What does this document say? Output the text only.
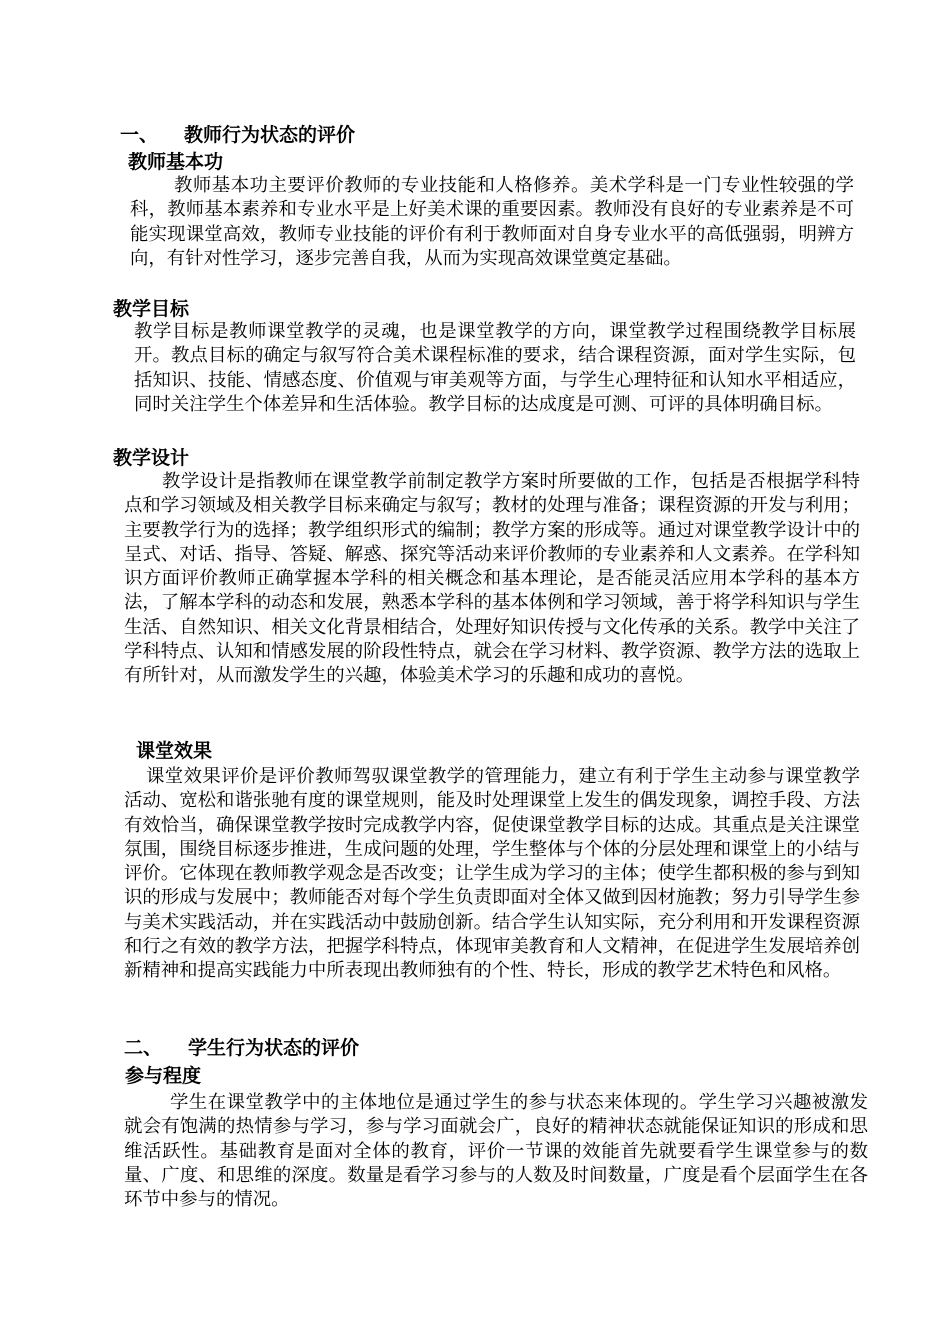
一、 教师行为状态的评价
教师基本功

教师基本功主要评价教师的专业技能和人格修养。美术学科是一门专业性较强的学科，教师基本素养和专业水平是上好美术课的重要因素。教师没有良好的专业素养是不可能实现课堂高效，教师专业技能的评价有利于教师面对自身专业水平的高低强弱，明辨方向，有针对性学习，逐步完善自我，从而为实现高效课堂奠定基础。

教学目标

教学目标是教师课堂教学的灵魂，也是课堂教学的方向，课堂教学过程围绕教学目标展开。教点目标的确定与叙写符合美术课程标准的要求，结合课程资源，面对学生实际，包括知识、技能、情感态度、价值观与审美观等方面，与学生心理特征和认知水平相适应，同时关注学生个体差异和生活体验。教学目标的达成度是可测、可评的具体明确目标。

教学设计

教学设计是指教师在课堂教学前制定教学方案时所要做的工作，包括是否根据学科特点和学习领域及相关教学目标来确定与叙写；教材的处理与准备；课程资源的开发与利用；主要教学行为的选择；教学组织形式的编制；教学方案的形成等。通过对课堂教学设计中的呈式、对话、指导、答疑、解惑、探究等活动来评价教师的专业素养和人文素养。在学科知识方面评价教师正确掌握本学科的相关概念和基本理论，是否能灵活应用本学科的基本方法，了解本学科的动态和发展，熟悉本学科的基本体例和学习领域，善于将学科知识与学生生活、自然知识、相关文化背景相结合，处理好知识传授与文化传承的关系。教学中关注了学科特点、认知和情感发展的阶段性特点，就会在学习材料、教学资源、教学方法的选取上有所针对，从而激发学生的兴趣，体验美术学习的乐趣和成功的喜悦。

课堂效果

课堂效果评价是评价教师驾驭课堂教学的管理能力，建立有利于学生主动参与课堂教学活动、宽松和谐张驰有度的课堂规则，能及时处理课堂上发生的偶发现象，调控手段、方法有效恰当，确保课堂教学按时完成教学内容，促使课堂教学目标的达成。其重点是关注课堂氛围，围绕目标逐步推进，生成问题的处理，学生整体与个体的分层处理和课堂上的小结与评价。它体现在教师教学观念是否改变；让学生成为学习的主体；使学生都积极的参与到知识的形成与发展中；教师能否对每个学生负责即面对全体又做到因材施教；努力引导学生参与美术实践活动，并在实践活动中鼓励创新。结合学生认知实际，充分利用和开发课程资源和行之有效的教学方法，把握学科特点，体现审美教育和人文精神，在促进学生发展培养创新精神和提高实践能力中所表现出教师独有的个性、特长，形成的教学艺术特色和风格。

二、 学生行为状态的评价
参与程度

学生在课堂教学中的主体地位是通过学生的参与状态来体现的。学生学习兴趣被激发就会有饱满的热情参与学习，参与学习面就会广，良好的精神状态就能保证知识的形成和思维活跃性。基础教育是面对全体的教育，评价一节课的效能首先就要看学生课堂参与的数量、广度、和思维的深度。数量是看学习参与的人数及时间数量，广度是看个层面学生在各环节中参与的情况。
